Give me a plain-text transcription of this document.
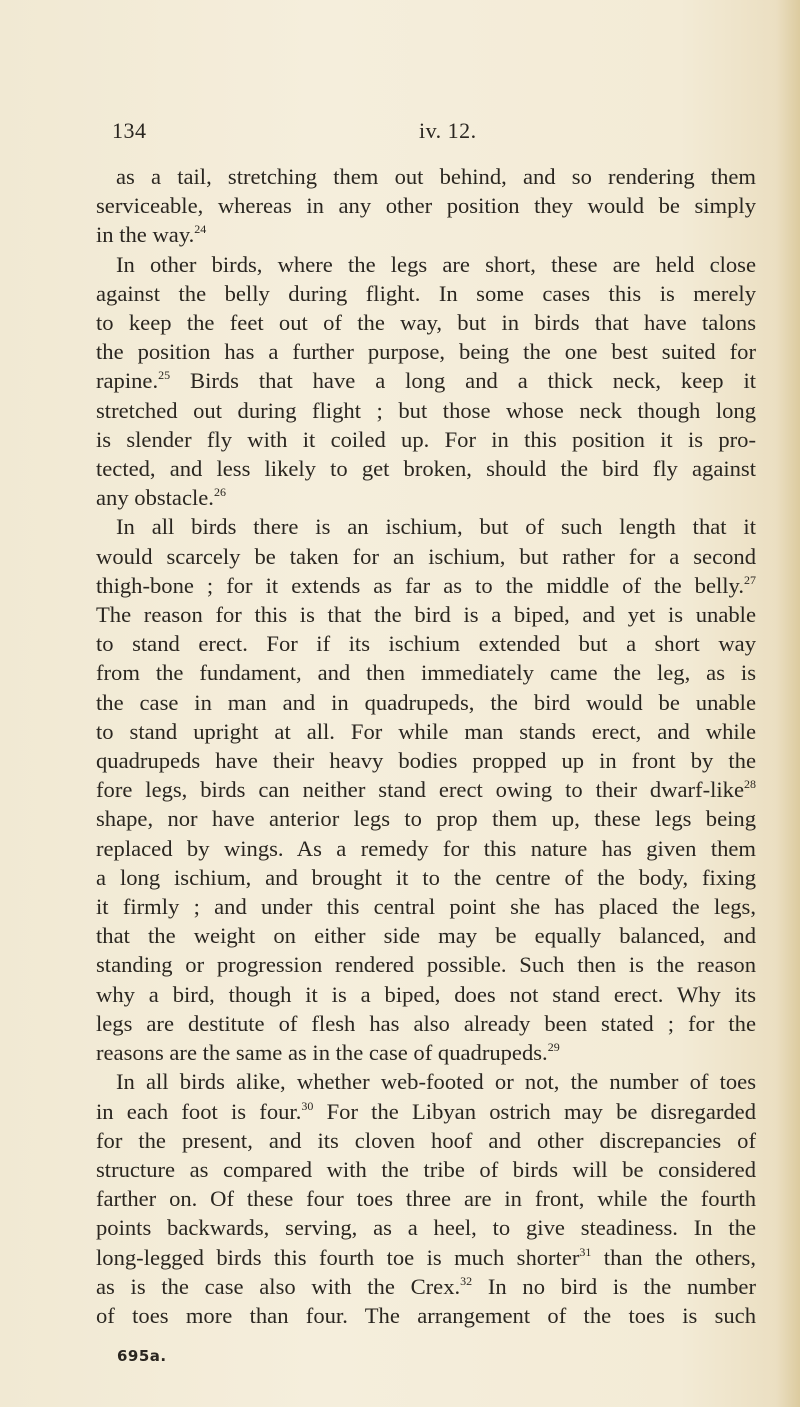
134	iv. 12.

as a tail, stretching them out behind, and so rendering them
serviceable, whereas in any other position they would be simply
in the way.$^{24}$

In other birds, where the legs are short, these are held close
against the belly during flight. In some cases this is merely
to keep the feet out of the way, but in birds that have talons
the position has a further purpose, being the one best suited for
rapine.$^{25}$ Birds that have a long and a thick neck, keep it
stretched out during flight ; but those whose neck though long
is slender fly with it coiled up. For in this position it is pro-
tected, and less likely to get broken, should the bird fly against
any obstacle.$^{26}$

In all birds there is an ischium, but of such length that it
would scarcely be taken for an ischium, but rather for a second
thigh-bone ; for it extends as far as to the middle of the belly.$^{27}$
The reason for this is that the bird is a biped, and yet is unable
to stand erect. For if its ischium extended but a short way
from the fundament, and then immediately came the leg, as is
the case in man and in quadrupeds, the bird would be unable
to stand upright at all. For while man stands erect, and while
quadrupeds have their heavy bodies propped up in front by the
fore legs, birds can neither stand erect owing to their dwarf-like$^{28}$
shape, nor have anterior legs to prop them up, these legs being
replaced by wings. As a remedy for this nature has given them
a long ischium, and brought it to the centre of the body, fixing
it firmly ; and under this central point she has placed the legs,
that the weight on either side may be equally balanced, and
standing or progression rendered possible. Such then is the reason
why a bird, though it is a biped, does not stand erect. Why its
legs are destitute of flesh has also already been stated ; for the
reasons are the same as in the case of quadrupeds.$^{29}$

In all birds alike, whether web-footed or not, the number of toes
in each foot is four.$^{30}$ For the Libyan ostrich may be disregarded
for the present, and its cloven hoof and other discrepancies of
structure as compared with the tribe of birds will be considered
farther on. Of these four toes three are in front, while the fourth
points backwards, serving, as a heel, to give steadiness. In the
long-legged birds this fourth toe is much shorter$^{31}$ than the others,
as is the case also with the Crex.$^{32}$ In no bird is the number
of toes more than four. The arrangement of the toes is such

695a.
